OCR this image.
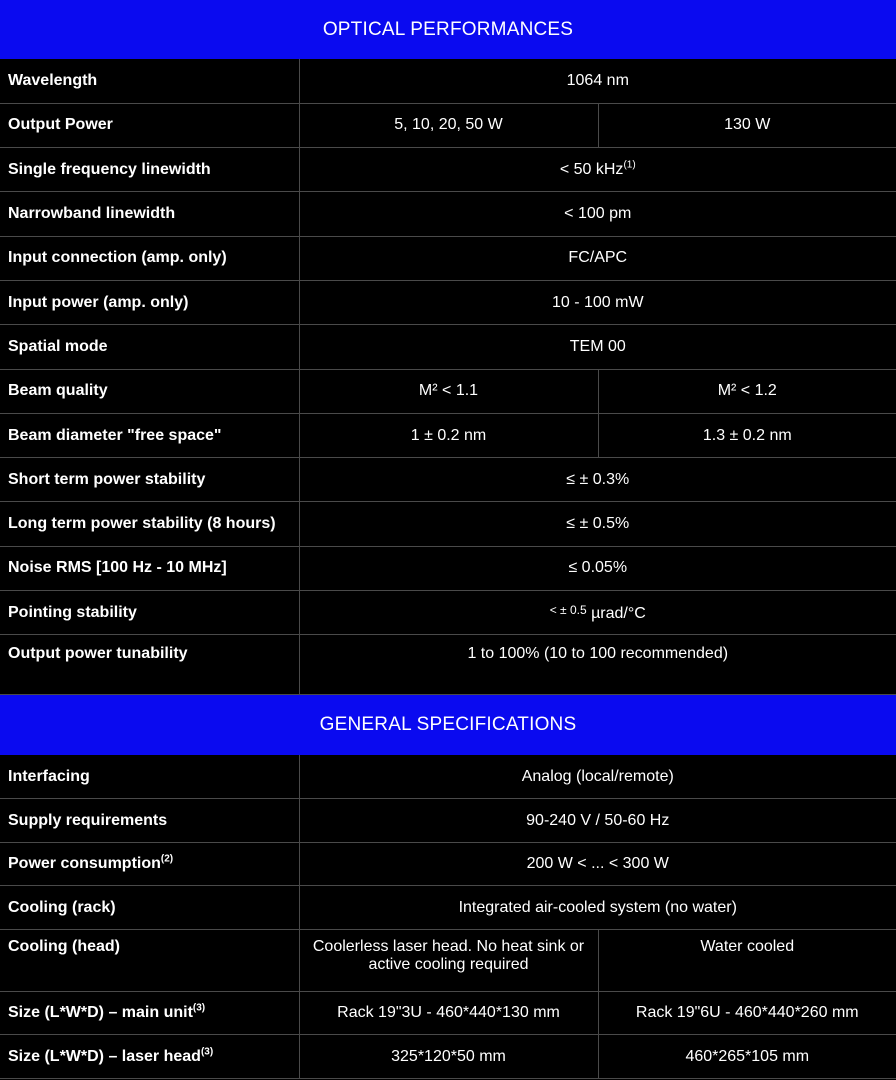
OPTICAL PERFORMANCES
Wavelength	1064 nm	
Output Power	5, 10, 20, 50 W	130 W
Single frequency linewidth	< 50 kHz$^{(1)}$
Narrowband linewidth	< 100 pm	
Input connection (amp. only)	FC/APC	
Input power (amp. only)	10 - 100 mW	
Spatial mode	TEM 00	
Beam quality	M² < 1.1	M² < 1.2
Beam diameter "free space"	1 ± 0.2 nm	1.3 ± 0.2 nm
Short term power stability	≤ ± 0.3%	
Long term power stability (8 hours)	≤ ± 0.5%	
Noise RMS [100 Hz - 10 MHz]	≤ 0.05%	
Pointing stability	$^{< \pm 0.5}$ µrad/°C	
Output power tunability	1 to 100% (10 to 100 recommended)	
GENERAL SPECIFICATIONS
Interfacing	Analog (local/remote)	
Supply requirements	90-240 V / 50-60 Hz	
Power consumption$^{(2)}$	200 W < ... < 300 W	
Cooling (rack)	Integrated air-cooled system (no water)	
Cooling (head)	Coolerless laser head. No heat sink or active cooling required	Water cooled
Size (L*W*D) – main unit$^{(3)}$	Rack 19"3U - 460*440*130 mm	Rack 19"6U - 460*440*260 mm
Size (L*W*D) – laser head$^{(3)}$	325*120*50 mm	460*265*105 mm
